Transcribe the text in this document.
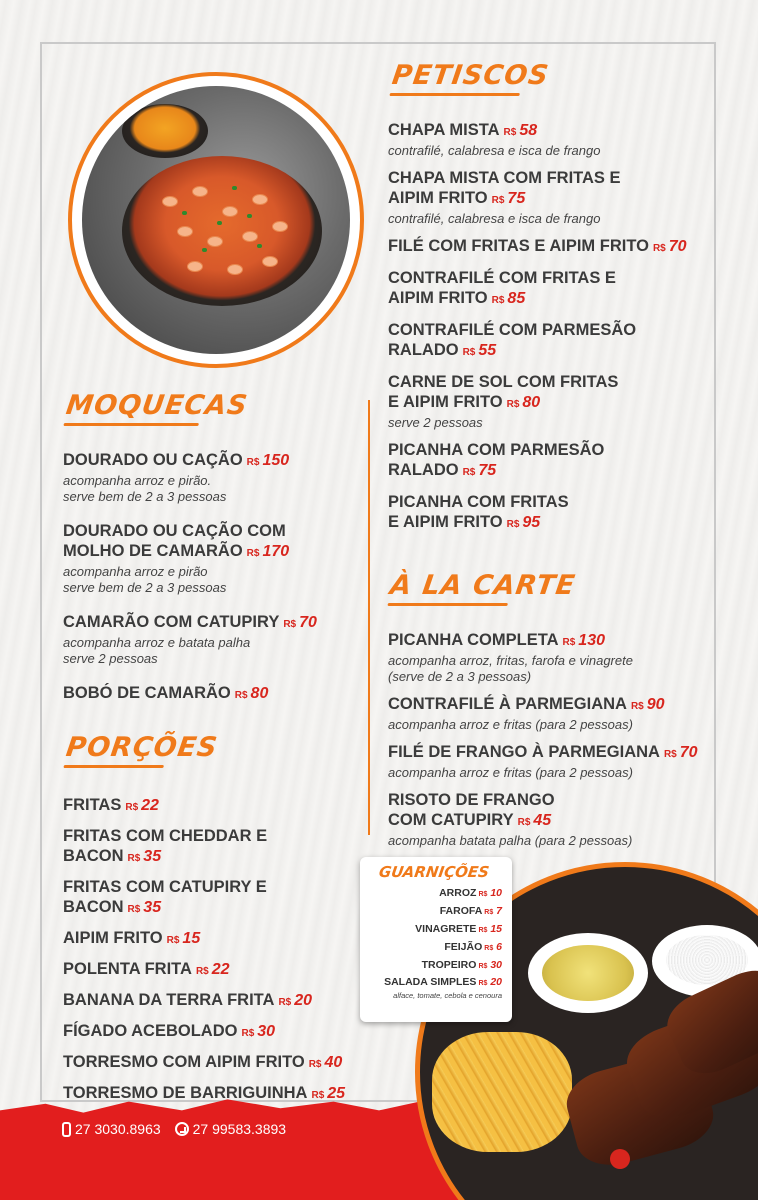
PETISCOS
CHAPA MISTA R$ 58
contrafilé, calabresa e isca de frango
CHAPA MISTA COM FRITAS E AIPIM FRITO R$ 75
contrafilé, calabresa e isca de frango
FILÉ COM FRITAS E AIPIM FRITO R$ 70
CONTRAFILÉ COM FRITAS E AIPIM FRITO R$ 85
CONTRAFILÉ COM PARMESÃO RALADO R$ 55
CARNE DE SOL COM FRITAS E AIPIM FRITO R$ 80
serve 2 pessoas
PICANHA COM PARMESÃO RALADO R$ 75
PICANHA COM FRITAS E AIPIM FRITO R$ 95
MOQUECAS
DOURADO OU CAÇÃO R$ 150
acompanha arroz e pirão.
serve bem de 2 a 3 pessoas
DOURADO OU CAÇÃO COM MOLHO DE CAMARÃO R$ 170
acompanha arroz e pirão
serve bem de 2 a 3 pessoas
CAMARÃO COM CATUPIRY R$ 70
acompanha arroz e batata palha
serve 2 pessoas
BOBÓ DE CAMARÃO R$ 80
PORÇÕES
FRITAS R$ 22
FRITAS COM CHEDDAR E BACON R$ 35
FRITAS COM CATUPIRY E BACON R$ 35
AIPIM FRITO R$ 15
POLENTA FRITA R$ 22
BANANA DA TERRA FRITA R$ 20
FÍGADO ACEBOLADO R$ 30
TORRESMO COM AIPIM FRITO R$ 40
TORRESMO DE BARRIGUINHA R$ 25
À LA CARTE
PICANHA COMPLETA R$ 130
acompanha arroz, fritas, farofa e vinagrete
(serve de 2 a 3 pessoas)
CONTRAFILÉ À PARMEGIANA R$ 90
acompanha arroz e fritas (para 2 pessoas)
FILÉ DE FRANGO À PARMEGIANA R$ 70
acompanha arroz e fritas (para 2 pessoas)
RISOTO DE FRANGO COM CATUPIRY R$ 45
acompanha batata palha (para 2 pessoas)
27 3030.8963 27 99583.3893
GUARNIÇÕES
ARROZ R$ 10
FAROFA R$ 7
VINAGRETE R$ 15
FEIJÃO R$ 6
TROPEIRO R$ 30
SALADA SIMPLES R$ 20
alface, tomate, cebola e cenoura
